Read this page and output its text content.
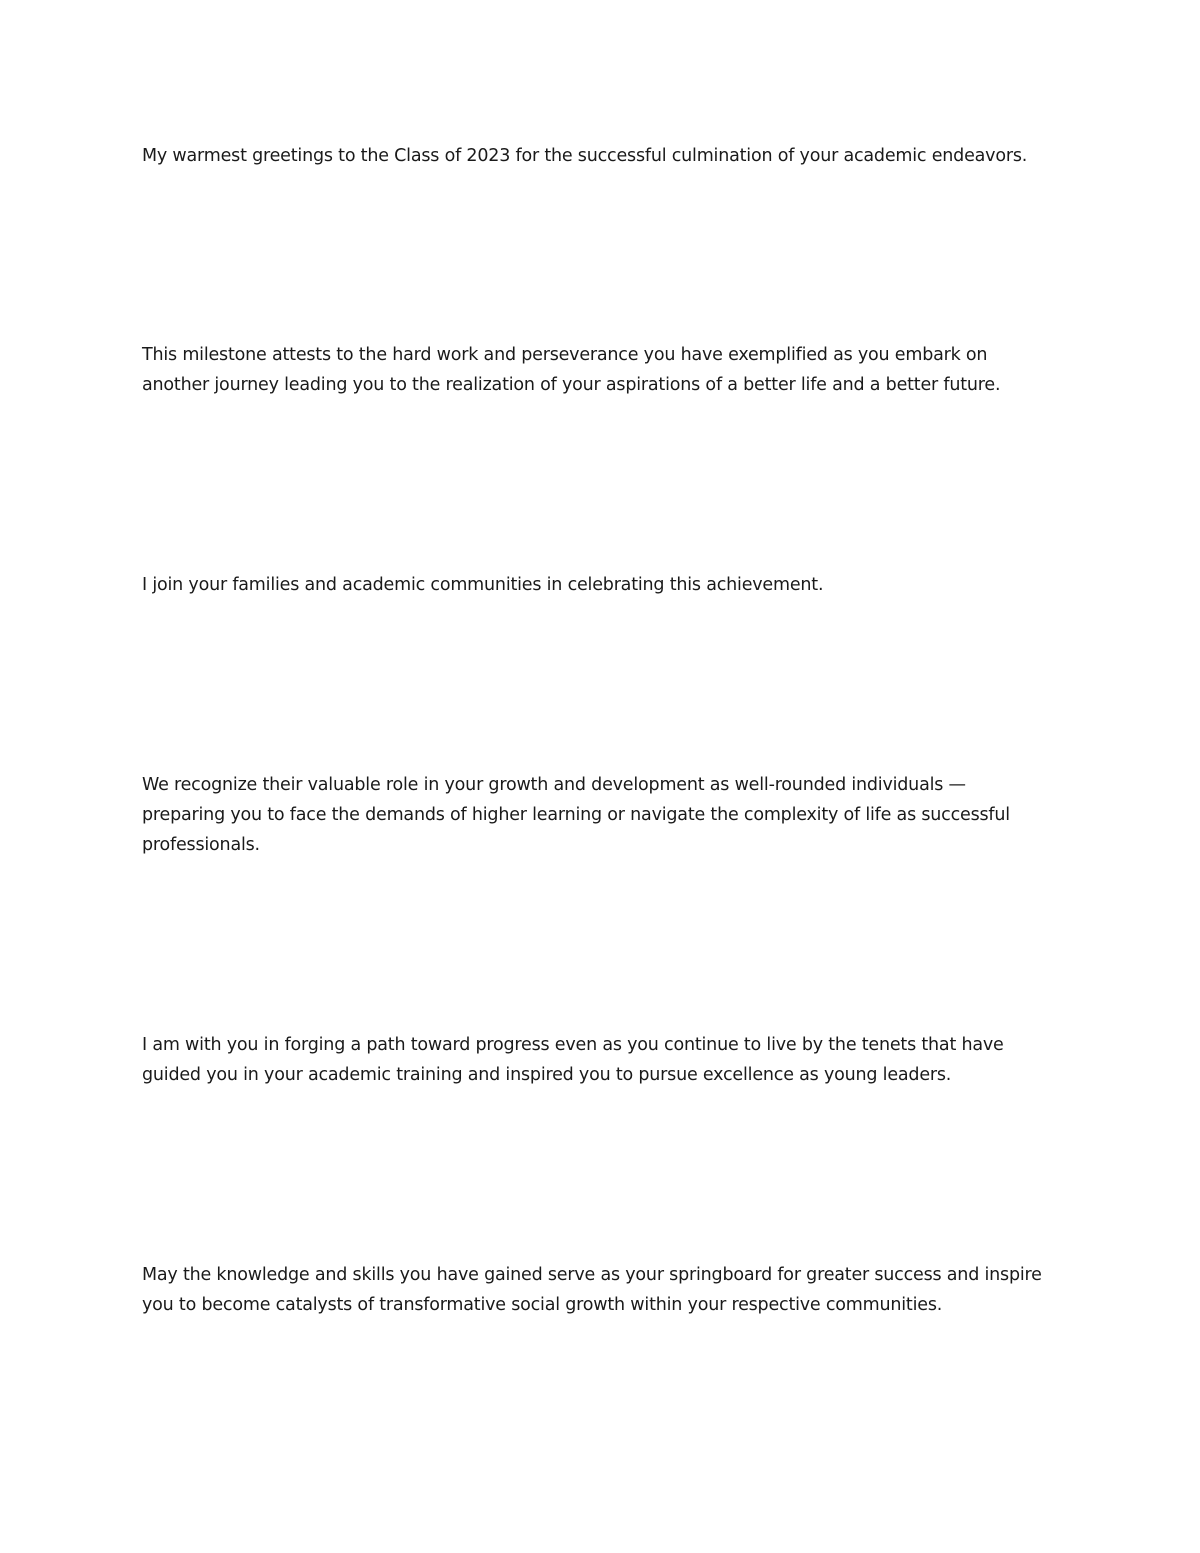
My warmest greetings to the Class of 2023 for the successful culmination of your academic endeavors.

This milestone attests to the hard work and perseverance you have exemplified as you embark on
another journey leading you to the realization of your aspirations of a better life and a better future.

I join your families and academic communities in celebrating this achievement.

We recognize their valuable role in your growth and development as well-rounded individuals —
preparing you to face the demands of higher learning or navigate the complexity of life as successful
professionals.

I am with you in forging a path toward progress even as you continue to live by the tenets that have
guided you in your academic training and inspired you to pursue excellence as young leaders.

May the knowledge and skills you have gained serve as your springboard for greater success and inspire
you to become catalysts of transformative social growth within your respective communities.
